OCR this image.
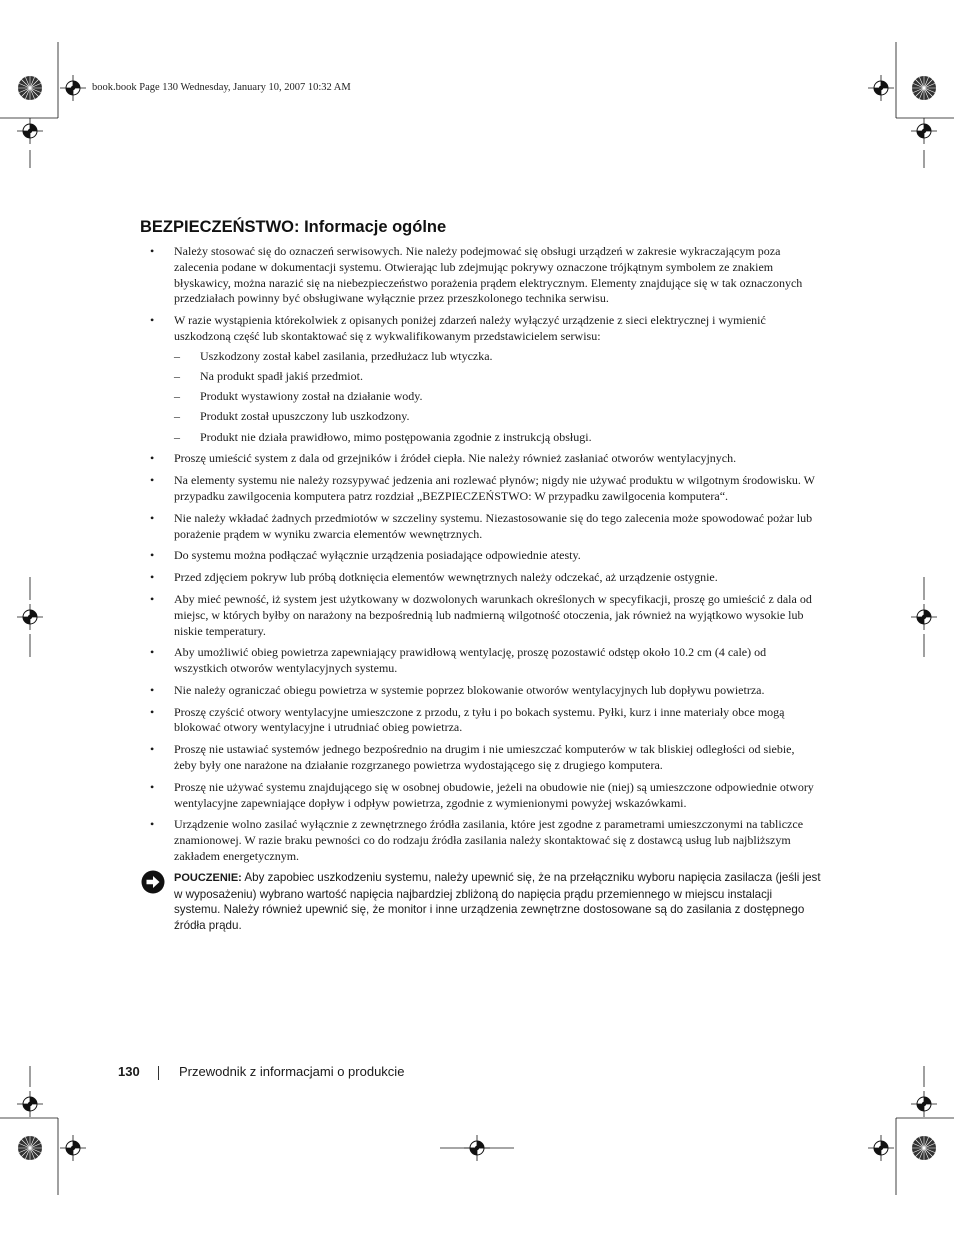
book.book Page 130 Wednesday, January 10, 2007 10:32 AM
BEZPIECZEŃSTWO: Informacje ogólne
• Należy stosować się do oznaczeń serwisowych. Nie należy podejmować się obsługi urządzeń w zakresie wykraczającym poza zalecenia podane w dokumentacji systemu. Otwierając lub zdejmując pokrywy oznaczone trójkątnym symbolem ze znakiem błyskawicy, można narazić się na niebezpieczeństwo porażenia prądem elektrycznym. Elementy znajdujące się w tak oznaczonych przedziałach powinny być obsługiwane wyłącznie przez przeszkolonego technika serwisu.
• W razie wystąpienia którekolwiek z opisanych poniżej zdarzeń należy wyłączyć urządzenie z sieci elektrycznej i wymienić uszkodzoną część lub skontaktować się z wykwalifikowanym przedstawicielem serwisu:
– Uszkodzony został kabel zasilania, przedłużacz lub wtyczka.
– Na produkt spadł jakiś przedmiot.
– Produkt wystawiony został na działanie wody.
– Produkt został upuszczony lub uszkodzony.
– Produkt nie działa prawidłowo, mimo postępowania zgodnie z instrukcją obsługi.
• Proszę umieścić system z dala od grzejników i źródeł ciepła. Nie należy również zasłaniać otworów wentylacyjnych.
• Na elementy systemu nie należy rozsypywać jedzenia ani rozlewać płynów; nigdy nie używać produktu w wilgotnym środowisku. W przypadku zawilgocenia komputera patrz rozdział „BEZPIECZEŃSTWO: W przypadku zawilgocenia komputera“.
• Nie należy wkładać żadnych przedmiotów w szczeliny systemu. Niezastosowanie się do tego zalecenia może spowodować pożar lub porażenie prądem w wyniku zwarcia elementów wewnętrznych.
• Do systemu można podłączać wyłącznie urządzenia posiadające odpowiednie atesty.
• Przed zdjęciem pokryw lub próbą dotknięcia elementów wewnętrznych należy odczekać, aż urządzenie ostygnie.
• Aby mieć pewność, iż system jest użytkowany w dozwolonych warunkach określonych w specyfikacji, proszę go umieścić z dala od miejsc, w których byłby on narażony na bezpośrednią lub nadmierną wilgotność otoczenia, jak również na wyjątkowo wysokie lub niskie temperatury.
• Aby umożliwić obieg powietrza zapewniający prawidłową wentylację, proszę pozostawić odstęp około 10.2 cm (4 cale) od wszystkich otworów wentylacyjnych systemu.
• Nie należy ograniczać obiegu powietrza w systemie poprzez blokowanie otworów wentylacyjnych lub dopływu powietrza.
• Proszę czyścić otwory wentylacyjne umieszczone z przodu, z tyłu i po bokach systemu. Pyłki, kurz i inne materiały obce mogą blokować otwory wentylacyjne i utrudniać obieg powietrza.
• Proszę nie ustawiać systemów jednego bezpośrednio na drugim i nie umieszczać komputerów w tak bliskiej odległości od siebie, żeby były one narażone na działanie rozgrzanego powietrza wydostającego się z drugiego komputera.
• Proszę nie używać systemu znajdującego się w osobnej obudowie, jeżeli na obudowie nie (niej) są umieszczone odpowiednie otwory wentylacyjne zapewniające dopływ i odpływ powietrza, zgodnie z wymienionymi powyżej wskazówkami.
• Urządzenie wolno zasilać wyłącznie z zewnętrznego źródła zasilania, które jest zgodne z parametrami umieszczonymi na tabliczce znamionowej. W razie braku pewności co do rodzaju źródła zasilania należy skontaktować się z dostawcą usług lub najbliższym zakładem energetycznym.
POUCZENIE: Aby zapobiec uszkodzeniu systemu, należy upewnić się, że na przełączniku wyboru napięcia zasilacza (jeśli jest w wyposażeniu) wybrano wartość napięcia najbardziej zbliżoną do napięcia prądu przemiennego w miejscu instalacji systemu. Należy również upewnić się, że monitor i inne urządzenia zewnętrzne dostosowane są do zasilania z dostępnego źródła prądu.
130	Przewodnik z informacjami o produkcie
